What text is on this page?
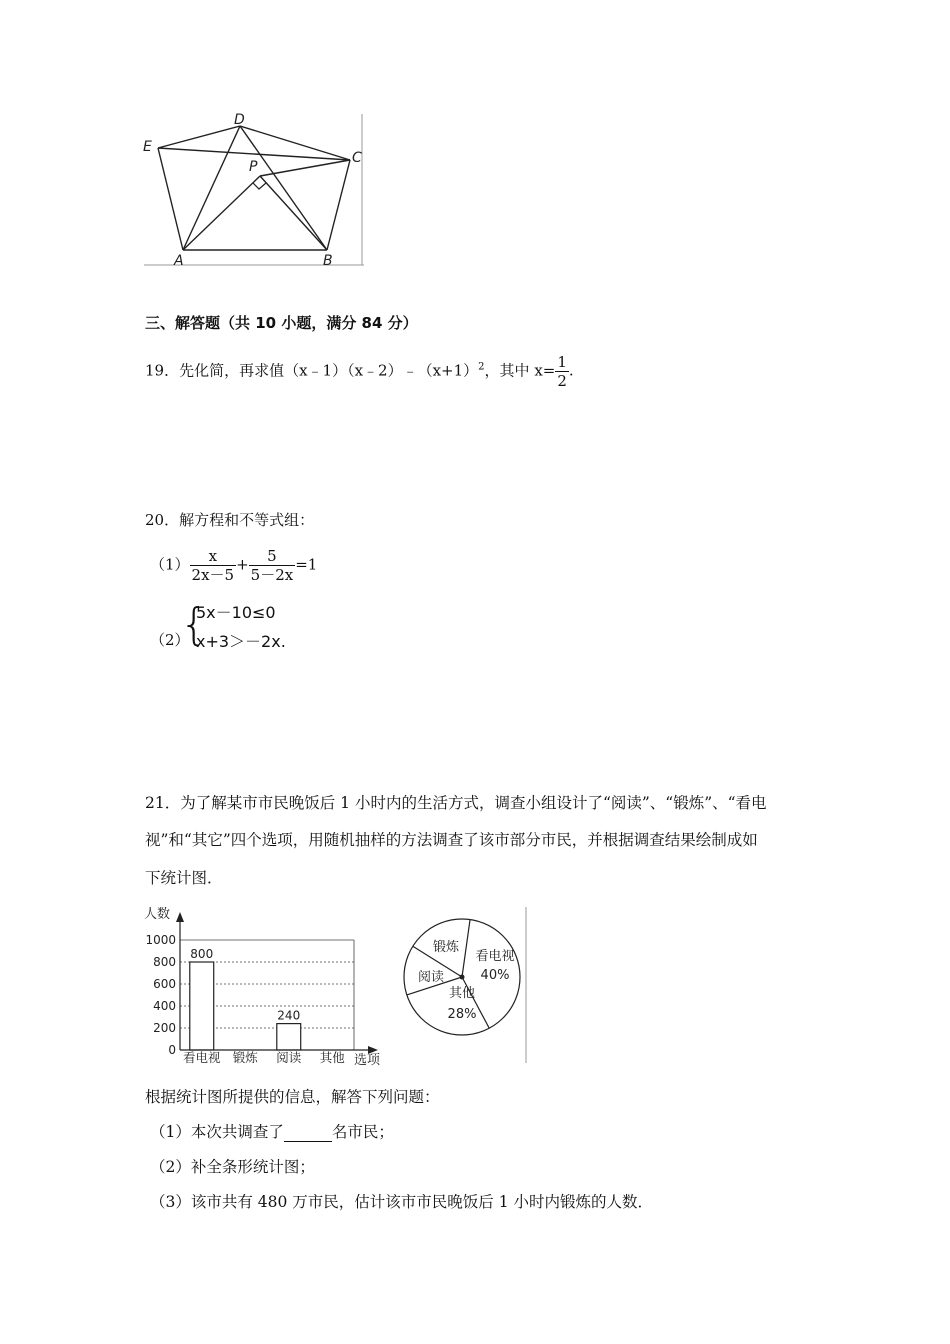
D
E
C
P
A	B
三、解答题（共 10 小题，满分 84 分）
19．先化简，再求值$(x﹣1)(x﹣2)﹣(x+1)^2$，其中 $x= \frac{1}{2}$ .
20．解方程和不等式组：
$(1) \frac{x}{2x-5} + \frac{5}{5-2x} =1$
（2）
{
5x－10≤0
x+3＞－2x.
21．为了解某市市民晚饭后 1 小时内的生活方式，调查小组设计了“阅读”、“锻炼”、“看电
视”和“其它”四个选项，用随机抽样的方法调查了该市部分市民，并根据调查结果绘制成如
下统计图．
人数
0
200
400
600
800
1000
800
240
看电视 锻炼 阅读 其他 选项
看电视
40%
其他
28%
阅读
锻炼
根据统计图所提供的信息，解答下列问题：
（1）本次共调查了	名市民；
（2）补全条形统计图；
（3）该市共有 480 万市民，估计该市市民晚饭后 1 小时内锻炼的人数．
